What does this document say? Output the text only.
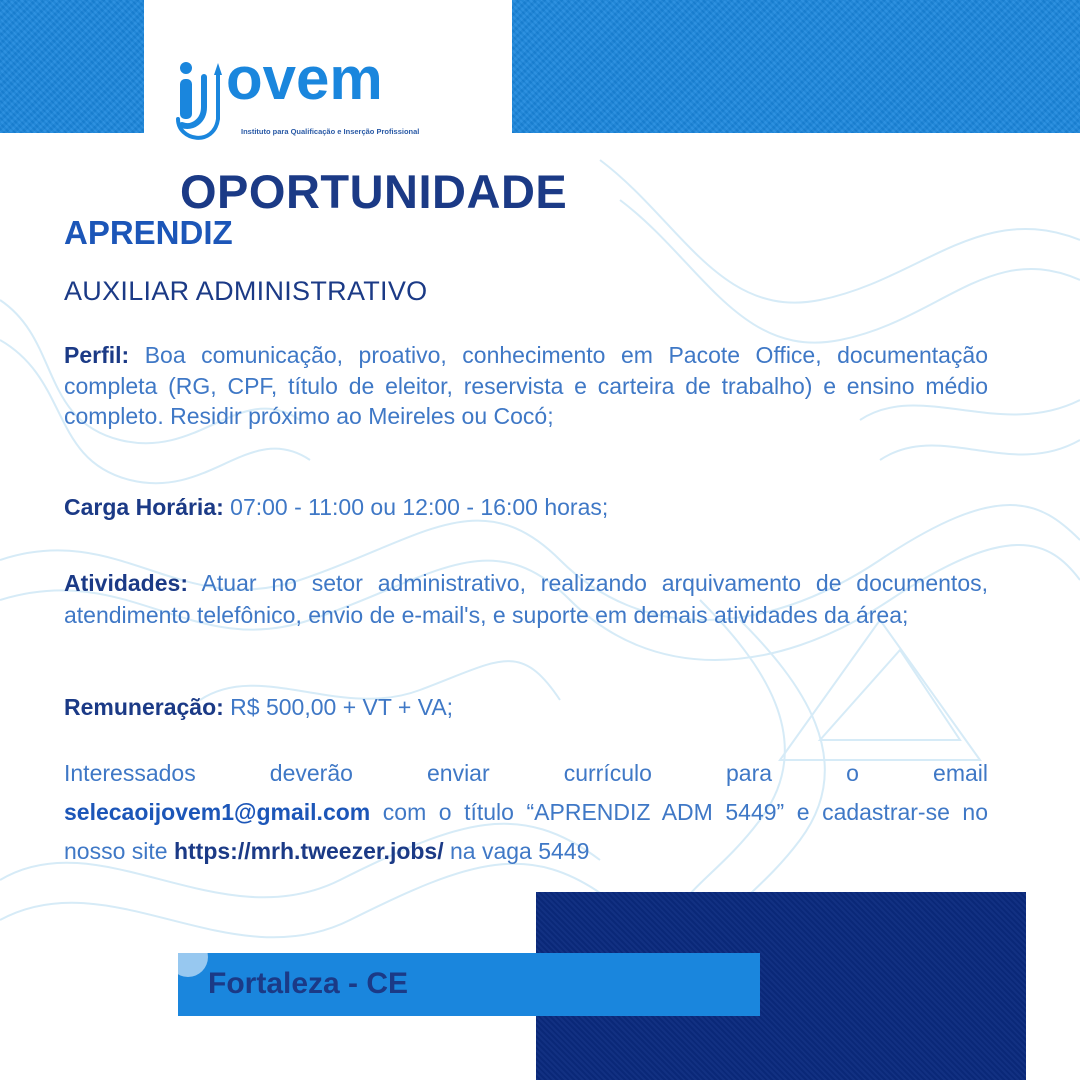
ovem
Instituto para Qualificação e Inserção Profissional
OPORTUNIDADE
APRENDIZ
AUXILIAR ADMINISTRATIVO

Perfil: Boa comunicação, proativo, conhecimento em Pacote Office, documentação completa (RG, CPF, título de eleitor, reservista e carteira de trabalho) e ensino médio completo. Residir próximo ao Meireles ou Cocó;

Carga Horária: 07:00 - 11:00 ou 12:00 - 16:00 horas;

Atividades: Atuar no setor administrativo, realizando arquivamento de documentos, atendimento telefônico, envio de e-mail's, e suporte em demais atividades da área;

Remuneração: R$ 500,00 + VT + VA;

Interessados deverão enviar currículo para o email
selecaoijovem1@gmail.com com o título “APRENDIZ ADM 5449” e cadastrar-se no nosso site https://mrh.tweezer.jobs/ na vaga 5449

Fortaleza - CE
